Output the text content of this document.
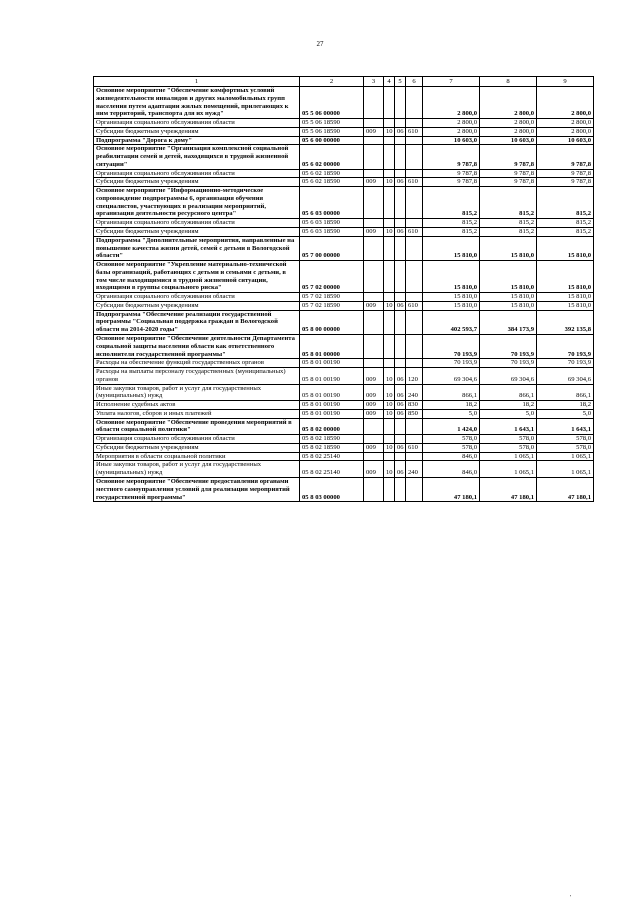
27
1	2	3	4	5	6	7	8	9
Основное мероприятие "Обеспечение комфортных условий жизнедеятельности инвалидов и других маломобильных групп населения путем адаптации жилых помещений, прилегающих к ним территорий, транспорта для их нужд"	05 5 06 00000					2 800,0	2 800,0	2 800,0
Организация социального обслуживания области	05 5 06 18590					2 800,0	2 800,0	2 800,0
Субсидии бюджетным учреждениям	05 5 06 18590	009	10	06	610	2 800,0	2 800,0	2 800,0
Подпрограмма "Дорога к дому"	05 6 00 00000					10 603,0	10 603,0	10 603,0
Основное мероприятие "Организация комплексной социальной реабилитации семей и детей, находящихся в трудной жизненной ситуации"	05 6 02 00000					9 787,8	9 787,8	9 787,8
Организация социального обслуживания области	05 6 02 18590					9 787,8	9 787,8	9 787,8
Субсидии бюджетным учреждениям	05 6 02 18590	009	10	06	610	9 787,8	9 787,8	9 787,8
Основное мероприятие "Информационно-методическое сопровождение подпрограммы 6, организация обучения специалистов, участвующих в реализации мероприятий, организация деятельности ресурсного центра"	05 6 03 00000					815,2	815,2	815,2
Организация социального обслуживания области	05 6 03 18590					815,2	815,2	815,2
Субсидии бюджетным учреждениям	05 6 03 18590	009	10	06	610	815,2	815,2	815,2
Подпрограмма "Дополнительные мероприятия, направленные на повышение качества жизни детей, семей с детьми в Вологодской области"	05 7 00 00000					15 810,0	15 810,0	15 810,0
Основное мероприятие "Укрепление материально-технической базы организаций, работающих с детьми и семьями с детьми, в том числе находящимися в трудной жизненной ситуации, входящими в группы социального риска"	05 7 02 00000					15 810,0	15 810,0	15 810,0
Организация социального обслуживания области	05 7 02 18590					15 810,0	15 810,0	15 810,0
Субсидии бюджетным учреждениям	05 7 02 18590	009	10	06	610	15 810,0	15 810,0	15 810,0
Подпрограмма "Обеспечение реализации государственной программы "Социальная поддержка граждан в Вологодской области на 2014-2020 годы"	05 8 00 00000					402 593,7	384 173,9	392 135,8
Основное мероприятие "Обеспечение деятельности Департамента социальной защиты населения области как ответственного исполнителя государственной программы"	05 8 01 00000					70 193,9	70 193,9	70 193,9
Расходы на обеспечение функций государственных органов	05 8 01 00190					70 193,9	70 193,9	70 193,9
Расходы на выплаты персоналу государственных (муниципальных) органов	05 8 01 00190	009	10	06	120	69 304,6	69 304,6	69 304,6
Иные закупки товаров, работ и услуг для государственных (муниципальных) нужд	05 8 01 00190	009	10	06	240	866,1	866,1	866,1
Исполнение судебных актов	05 8 01 00190	009	10	06	830	18,2	18,2	18,2
Уплата налогов, сборов и иных платежей	05 8 01 00190	009	10	06	850	5,0	5,0	5,0
Основное мероприятие "Обеспечение проведения мероприятий в области социальной политики"	05 8 02 00000					1 424,0	1 643,1	1 643,1
Организация социального обслуживания области	05 8 02 18590					578,0	578,0	578,0
Субсидии бюджетным учреждениям	05 8 02 18590	009	10	06	610	578,0	578,0	578,0
Мероприятия в области социальной политики	05 8 02 25140					846,0	1 065,1	1 065,1
Иные закупки товаров, работ и услуг для государственных (муниципальных) нужд	05 8 02 25140	009	10	06	240	846,0	1 065,1	1 065,1
Основное мероприятие "Обеспечение предоставления органами местного самоуправления условий для реализации мероприятий государственной программы"	05 8 03 00000					47 180,1	47 180,1	47 180,1
'
